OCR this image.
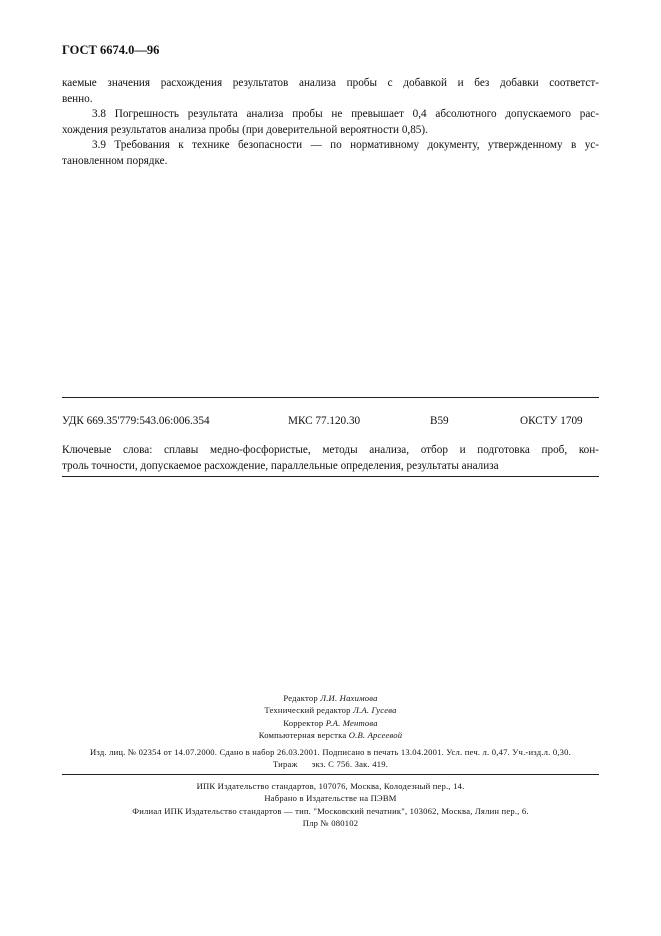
ГОСТ 6674.0—96
каемые значения расхождения результатов анализа пробы с добавкой и без добавки соответст-
венно.
3.8 Погрешность результата анализа пробы не превышает 0,4 абсолютного допускаемого рас-
хождения результатов анализа пробы (при доверительной вероятности 0,85).
3.9 Требования к технике безопасности — по нормативному документу, утвержденному в ус-
тановленном порядке.
УДК 669.35'779:543.06:006.354	МКС 77.120.30	В59	ОКСТУ 1709
Ключевые слова: сплавы медно-фосфористые, методы анализа, отбор и подготовка проб, кон-
троль точности, допускаемое расхождение, параллельные определения, результаты анализа
Редактор Л.И. Нахимова
Технический редактор Л.А. Гусева
Корректор Р.А. Ментова
Компьютерная верстка О.В. Арсеевой
Изд. лиц. № 02354 от 14.07.2000. Сдано в набор 26.03.2001. Подписано в печать 13.04.2001. Усл. печ. л. 0,47. Уч.-изд.л. 0,30.
Тираж экз. С 756. Зак. 419.
ИПК Издательство стандартов, 107076, Москва, Колодезный пер., 14.
Набрано в Издательстве на ПЭВМ
Филиал ИПК Издательство стандартов — тип. "Московский печатник", 103062, Москва, Лялин пер., 6.
Плр № 080102
